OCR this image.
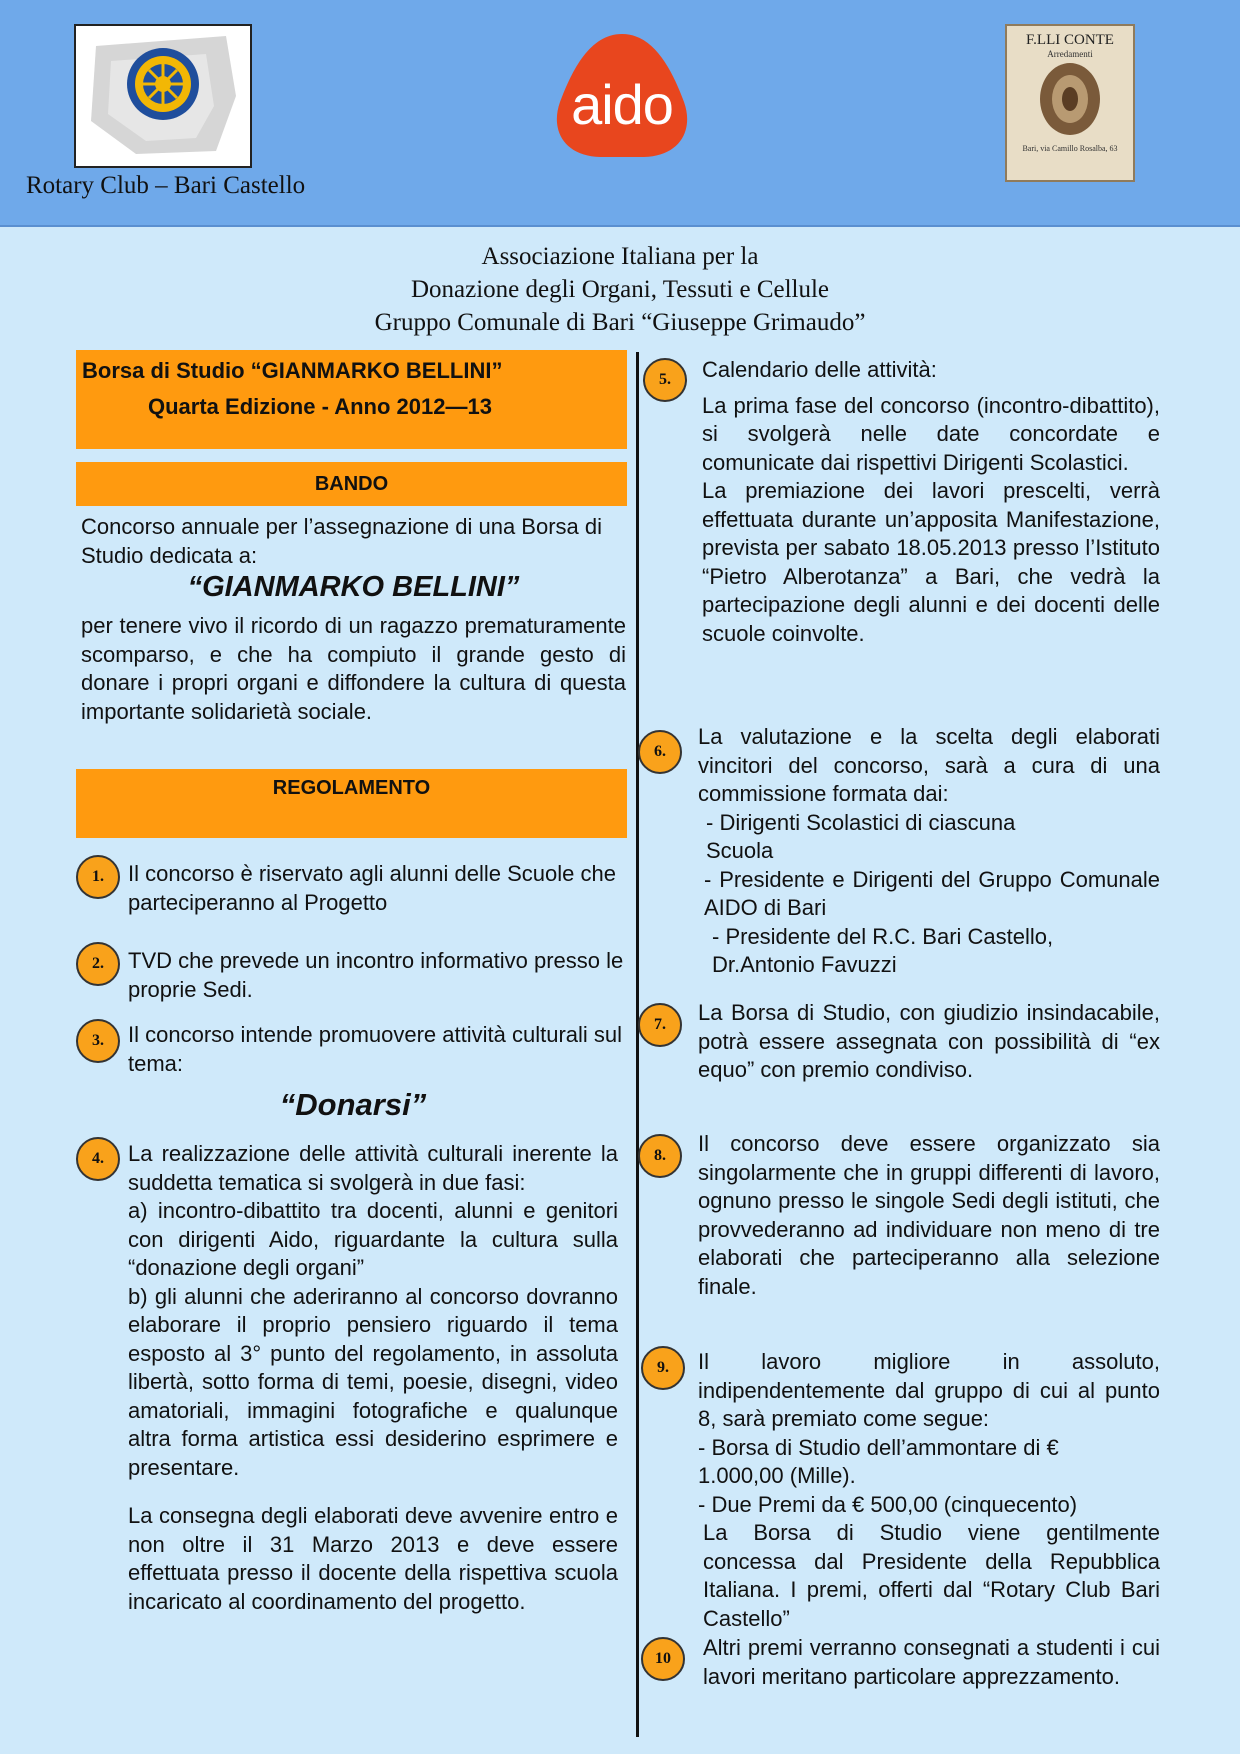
Rotary Club – Bari Castello
aido
F.LLI CONTE
Arredamenti
Bari, via Camillo Rosalba, 63
Associazione Italiana per la
Donazione degli Organi, Tessuti e Cellule
Gruppo Comunale di Bari “Giuseppe Grimaudo”
Borsa di Studio “GIANMARKO BELLINI”
Quarta Edizione - Anno 2012—13
BANDO

Concorso annuale per l’assegnazione di una Borsa di Studio dedicata a:

“GIANMARKO BELLINI”

per tenere vivo il ricordo di un ragazzo prematuramente scomparso, e che ha compiuto il grande gesto di donare i propri organi e diffondere la cultura di questa importante solidarietà sociale.

REGOLAMENTO
1.	Il concorso è riservato agli alunni delle Scuole che parteciperanno al Progetto
2.	TVD che prevede un incontro informativo presso le proprie Sedi.
3.	Il concorso intende promuovere attività culturali sul tema:
“Donarsi”
4.	La realizzazione delle attività culturali inerente la suddetta tematica si svolgerà in due fasi:

a) incontro-dibattito tra docenti, alunni e genitori con dirigenti Aido, riguardante la cultura sulla “donazione degli organi”

b) gli alunni che aderiranno al concorso dovranno elaborare il proprio pensiero riguardo il tema esposto al 3° punto del regolamento, in assoluta libertà, sotto forma di temi, poesie, disegni, video amatoriali, immagini fotografiche e qualunque altra forma artistica essi desiderino esprimere e presentare.

La consegna degli elaborati deve avvenire entro e non oltre il 31 Marzo 2013 e deve essere effettuata presso il docente della rispettiva scuola incaricato al coordinamento del progetto.

5.	Calendario delle attività:

La prima fase del concorso (incontro-dibattito), si svolgerà nelle date concordate e comunicate dai rispettivi Dirigenti Scolastici.

La premiazione dei lavori prescelti, verrà effettuata durante un’apposita Manifestazione, prevista per sabato 18.05.2013 presso l’Istituto “Pietro Alberotanza” a Bari, che vedrà la partecipazione degli alunni e dei docenti delle scuole coinvolte.

6.

La valutazione e la scelta degli elaborati vincitori del concorso, sarà a cura di una commissione formata dai:

- Dirigenti Scolastici di ciascuna Scuola

- Presidente e Dirigenti del Gruppo Comunale AIDO di Bari

- Presidente del R.C. Bari Castello, Dr.Antonio Favuzzi

7.	La Borsa di Studio, con giudizio insindacabile, potrà essere assegnata con possibilità di “ex equo” con premio condiviso.
8.	Il concorso deve essere organizzato sia singolarmente che in gruppi differenti di lavoro, ognuno presso le singole Sedi degli istituti, che provvederanno ad individuare non meno di tre elaborati che parteciperanno alla selezione finale.
9.	Il lavoro migliore in assoluto, indipendentemente dal gruppo di cui al punto 8, sarà premiato come segue:

- Borsa di Studio dell’ammontare di € 1.000,00 (Mille).

- Due Premi da € 500,00 (cinquecento)

La Borsa di Studio viene gentilmente concessa dal Presidente della Repubblica Italiana. I premi, offerti dal “Rotary Club Bari Castello”

10	Altri premi verranno consegnati a studenti i cui lavori meritano particolare apprezzamento.
